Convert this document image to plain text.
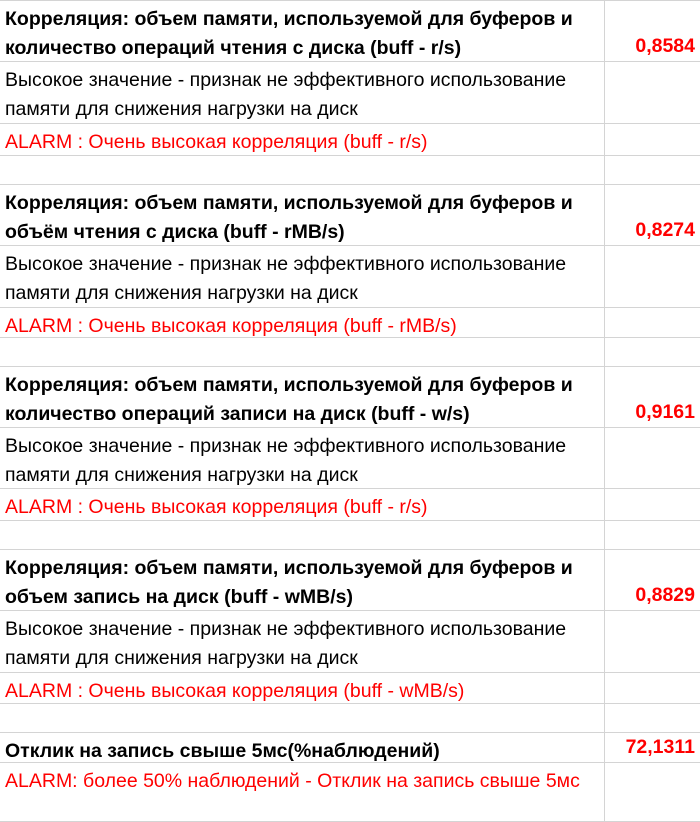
Корреляция: объем памяти, используемой для буферов и количество операций чтения с диска (buff - r/s)	0,8584
Высокое значение - признак не эффективного использование памяти для снижения нагрузки на диск
ALARM : Очень высокая корреляция (buff - r/s)
Корреляция: объем памяти, используемой для буферов и объём чтения с диска (buff - rMB/s)	0,8274
Высокое значение - признак не эффективного использование памяти для снижения нагрузки на диск
ALARM : Очень высокая корреляция (buff - rMB/s)
Корреляция: объем памяти, используемой для буферов и количество операций записи на диск (buff - w/s)	0,9161
Высокое значение - признак не эффективного использование памяти для снижения нагрузки на диск
ALARM : Очень высокая корреляция (buff - r/s)
Корреляция: объем памяти, используемой для буферов и объем запись на диск (buff - wMB/s)	0,8829
Высокое значение - признак не эффективного использование памяти для снижения нагрузки на диск
ALARM : Очень высокая корреляция (buff - wMB/s)
Отклик на запись свыше 5мс(%наблюдений)	72,1311
ALARM: более 50% наблюдений - Отклик на запись свыше 5мс
